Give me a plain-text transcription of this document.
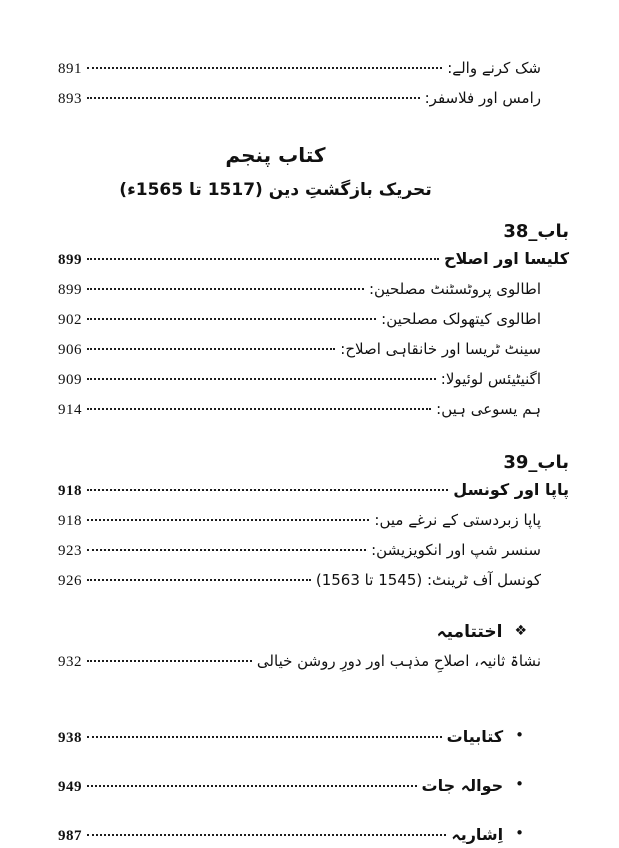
شک کرنے والے:
891
رامس اور فلاسفر:
893
کتاب پنجم
تحریک بازگشتِ دین (1517 تا 1565ء)
باب_38
کلیسا اور اصلاح
899
اطالوی پروٹسٹنٹ مصلحین:
899
اطالوی کیتھولک مصلحین:
902
سینٹ ٹریسا اور خانقاہی اصلاح:
906
اگنیٹیئس لوئیولا:
909
ہم یسوعی ہیں:
914
باب_39
پاپا اور کونسل
918
پاپا زبردستی کے نرغے میں:
918
سنسر شپ اور انکویزیشن:
923
کونسل آف ٹرینٹ: (1545 تا 1563)
926
❖
اختتامیہ
نشاۃ ثانیہ، اصلاحِ مذہب اور دورِ روشن خیالی
932
•
کتابیات
938
•
حوالہ جات
949
•
اِشاریہ
987
